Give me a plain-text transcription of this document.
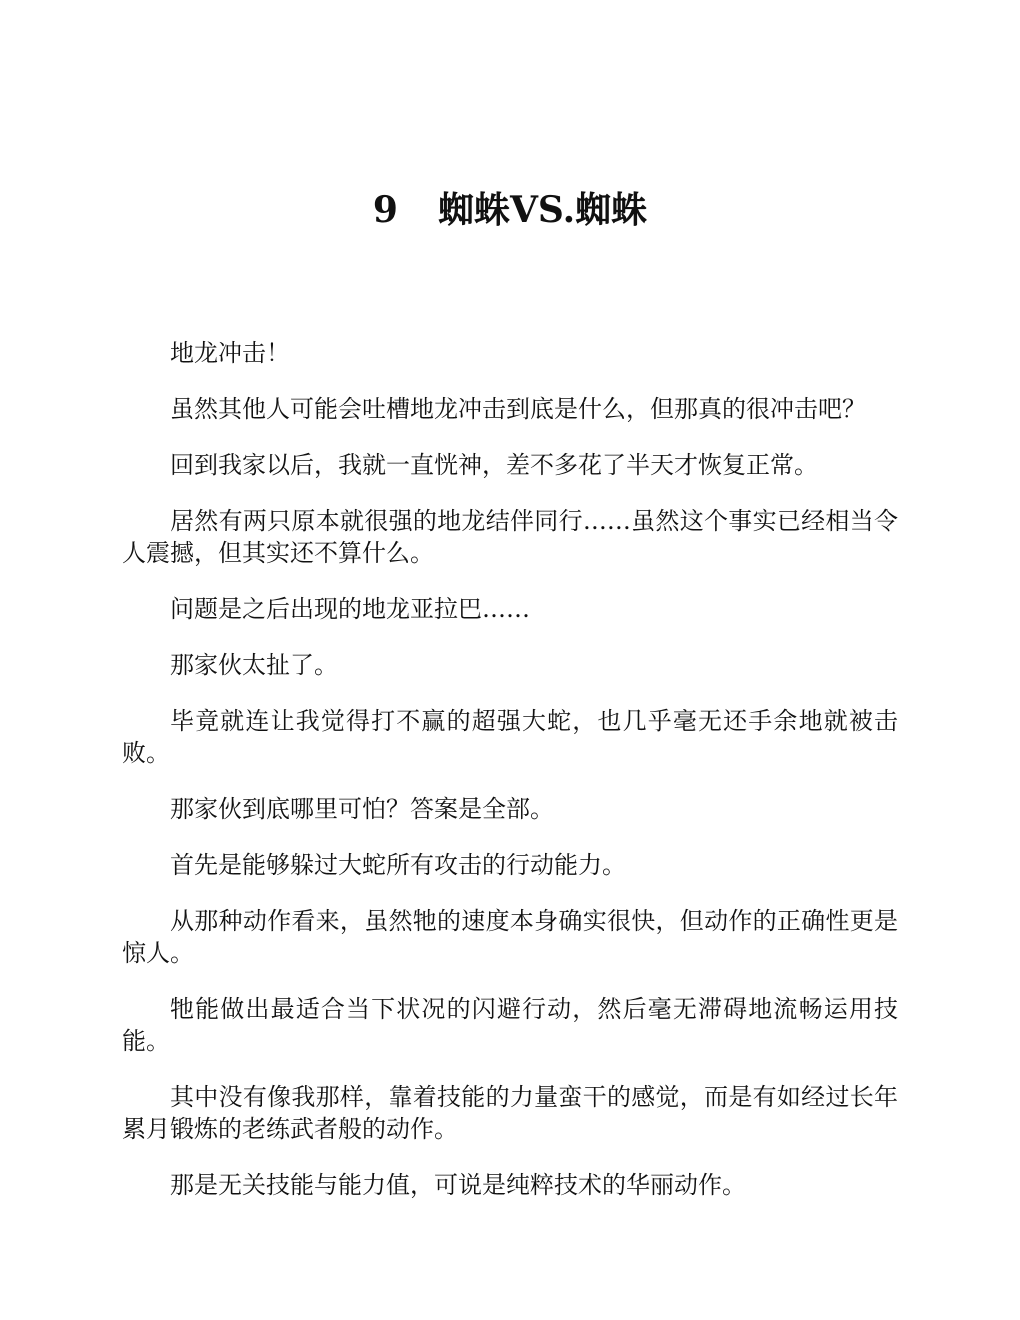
9 蜘蛛VS.蜘蛛

地龙冲击！

虽然其他人可能会吐槽地龙冲击到底是什么，但那真的很冲击吧？

回到我家以后，我就一直恍神，差不多花了半天才恢复正常。

居然有两只原本就很强的地龙结伴同行……虽然这个事实已经相当令人震撼，但其实还不算什么。

问题是之后出现的地龙亚拉巴……

那家伙太扯了。

毕竟就连让我觉得打不赢的超强大蛇，也几乎毫无还手余地就被击败。

那家伙到底哪里可怕？答案是全部。

首先是能够躲过大蛇所有攻击的行动能力。

从那种动作看来，虽然牠的速度本身确实很快，但动作的正确性更是惊人。

牠能做出最适合当下状况的闪避行动，然后毫无滞碍地流畅运用技能。

其中没有像我那样，靠着技能的力量蛮干的感觉，而是有如经过长年累月锻炼的老练武者般的动作。

那是无关技能与能力值，可说是纯粹技术的华丽动作。
